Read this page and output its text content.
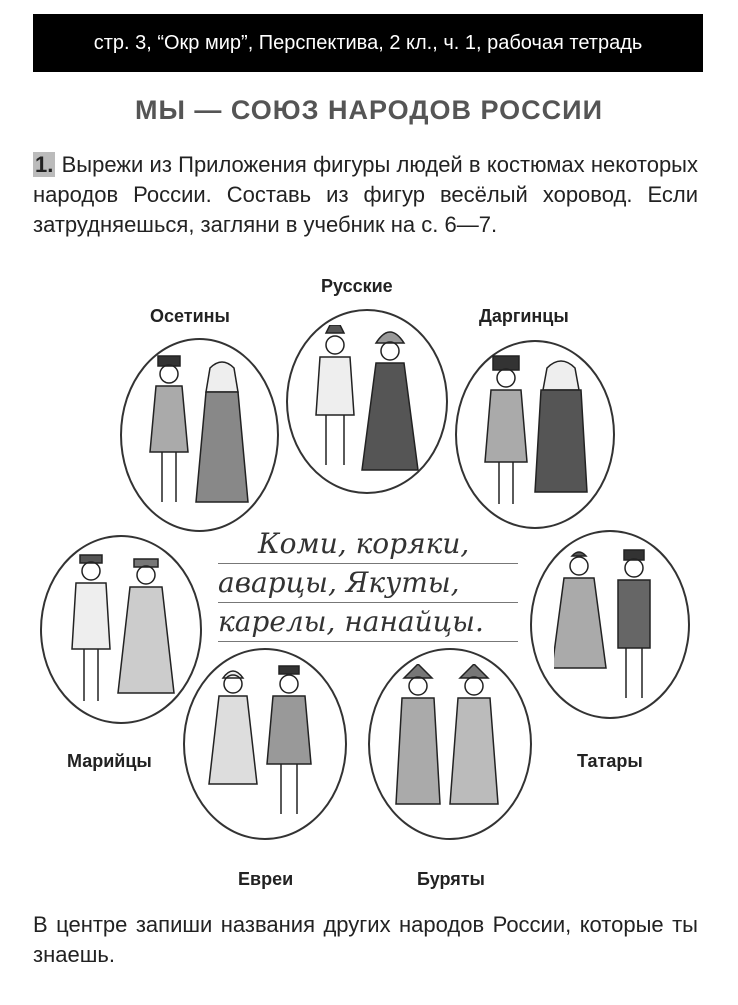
стр. 3, “Окр мир”, Перспектива, 2 кл., ч. 1, рабочая тетрадь
МЫ — СОЮЗ НАРОДОВ РОССИИ
1. Вырежи из Приложения фигуры людей в костюмах некоторых народов России. Составь из фигур весёлый хоровод. Если затрудняешься, загляни в учебник на с. 6—7.
Русские
Осетины	Даргинцы
Марийцы	Татары
Евреи	Буряты
Коми, коряки,
аварцы, Якуты,
карелы, нанайцы.
В центре запиши названия других народов России, которые ты знаешь.
